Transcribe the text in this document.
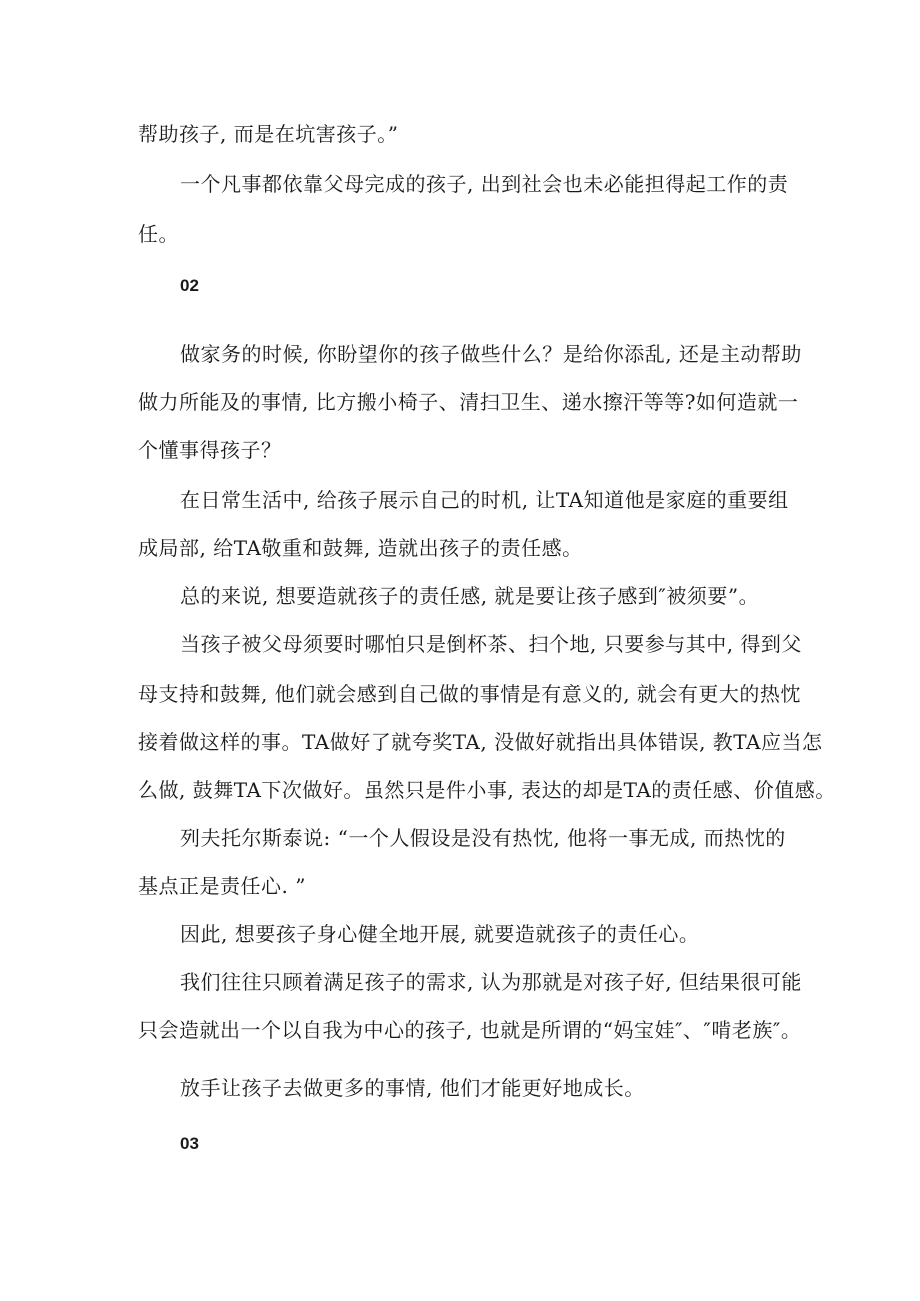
帮助孩子, 而是在坑害孩子。”
一个凡事都依靠父母完成的孩子, 出到社会也未必能担得起工作的责
任。
02
做家务的时候, 你盼望你的孩子做些什么？是给你添乱, 还是主动帮助
做力所能及的事情, 比方搬小椅子、清扫卫生、递水擦汗等等?如何造就一
个懂事得孩子？
在日常生活中, 给孩子展示自己的时机, 让TA知道他是家庭的重要组
成局部, 给TA敬重和鼓舞, 造就出孩子的责任感。
总的来说, 想要造就孩子的责任感, 就是要让孩子感到″被须要”。
当孩子被父母须要时哪怕只是倒杯茶、扫个地, 只要参与其中, 得到父
母支持和鼓舞, 他们就会感到自己做的事情是有意义的, 就会有更大的热忱
接着做这样的事。TA做好了就夸奖TA, 没做好就指出具体错误, 教TA应当怎
么做, 鼓舞TA下次做好。虽然只是件小事, 表达的却是TA的责任感、价值感。
列夫托尔斯泰说: “一个人假设是没有热忱, 他将一事无成, 而热忱的
基点正是责任心. ”
因此, 想要孩子身心健全地开展, 就要造就孩子的责任心。
我们往往只顾着满足孩子的需求, 认为那就是对孩子好, 但结果很可能
只会造就出一个以自我为中心的孩子, 也就是所谓的“妈宝娃″、″啃老族″。
放手让孩子去做更多的事情, 他们才能更好地成长。
03
